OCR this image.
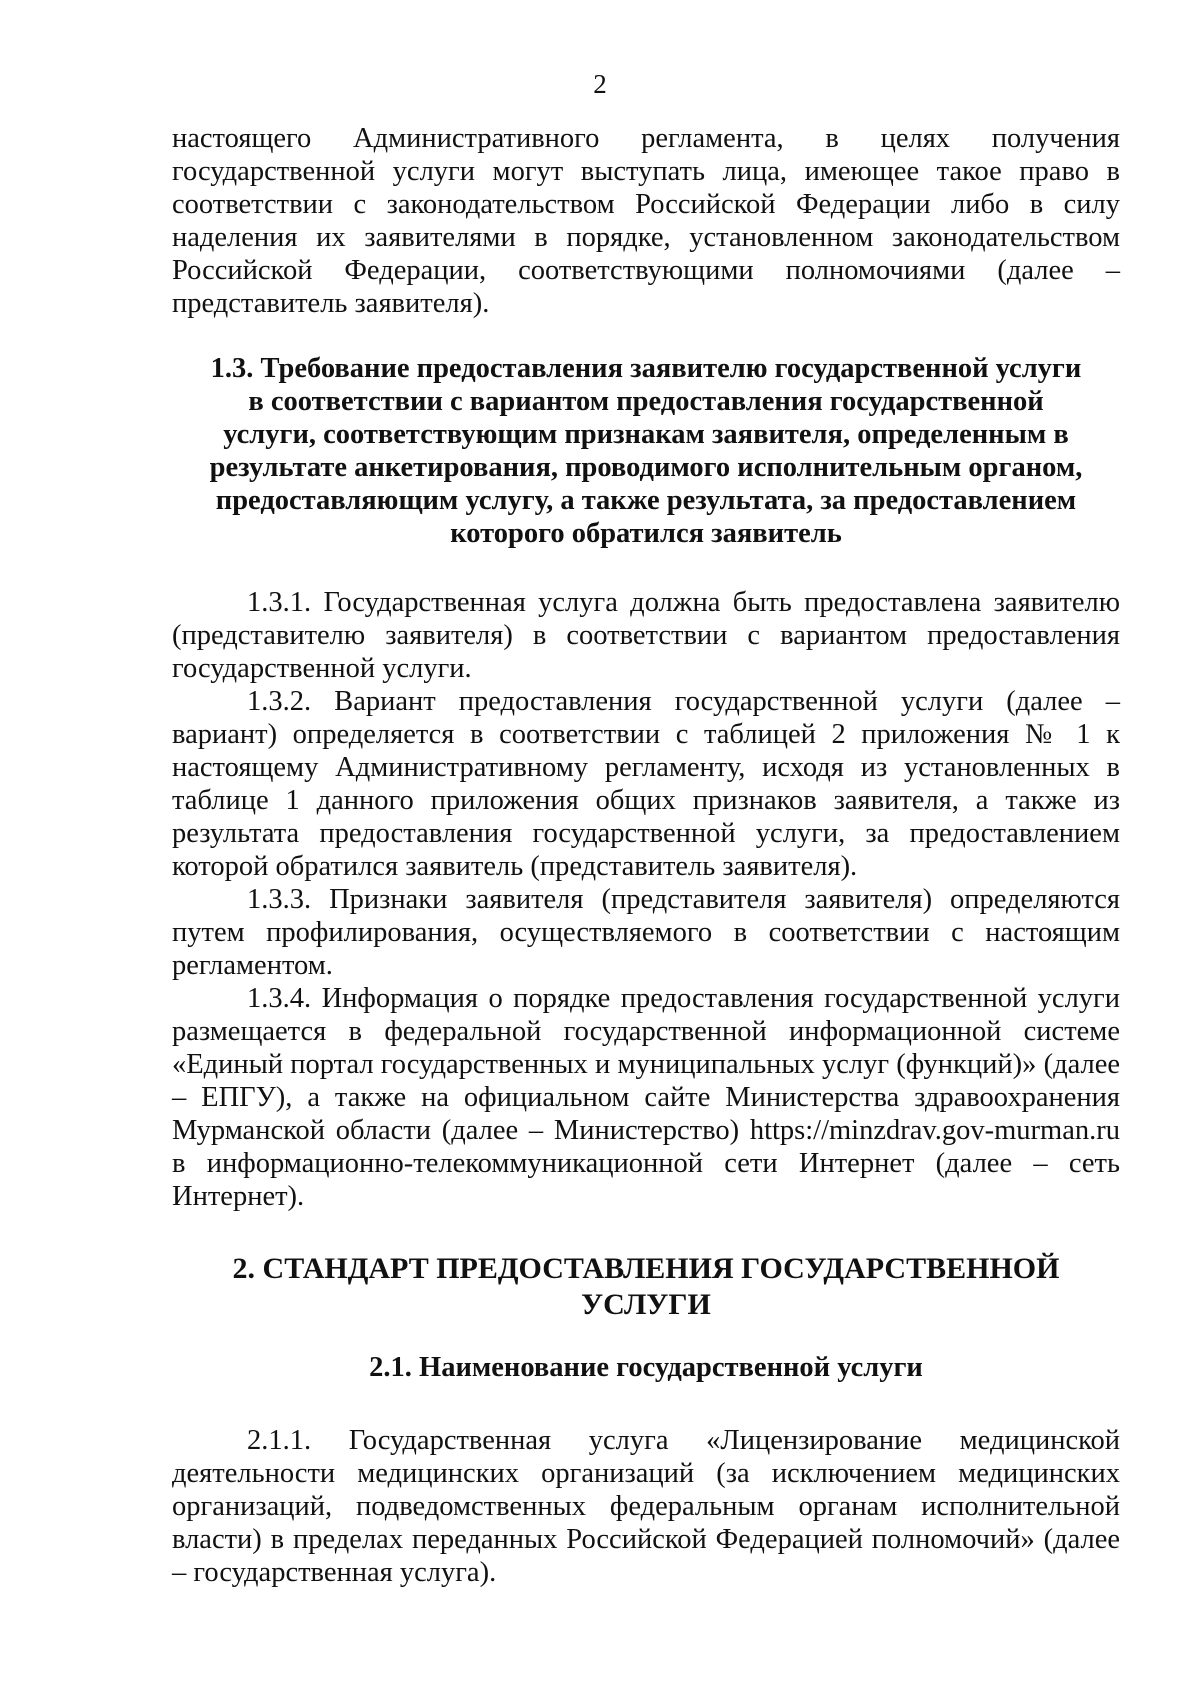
2

настоящего Административного регламента, в целях получения государственной услуги могут выступать лица, имеющее такое право в соответствии с законодательством Российской Федерации либо в силу наделения их заявителями в порядке, установленном законодательством Российской Федерации, соответствующими полномочиями (далее – представитель заявителя).

1.3. Требование предоставления заявителю государственной услуги в соответствии с вариантом предоставления государственной услуги, соответствующим признакам заявителя, определенным в результате анкетирования, проводимого исполнительным органом, предоставляющим услугу, а также результата, за предоставлением которого обратился заявитель

1.3.1. Государственная услуга должна быть предоставлена заявителю (представителю заявителя) в соответствии с вариантом предоставления государственной услуги.

1.3.2. Вариант предоставления государственной услуги (далее – вариант) определяется в соответствии с таблицей 2 приложения № 1 к настоящему Административному регламенту, исходя из установленных в таблице 1 данного приложения общих признаков заявителя, а также из результата предоставления государственной услуги, за предоставлением которой обратился заявитель (представитель заявителя).

1.3.3. Признаки заявителя (представителя заявителя) определяются путем профилирования, осуществляемого в соответствии с настоящим регламентом.

1.3.4. Информация о порядке предоставления государственной услуги размещается в федеральной государственной информационной системе «Единый портал государственных и муниципальных услуг (функций)» (далее – ЕПГУ), а также на официальном сайте Министерства здравоохранения Мурманской области (далее – Министерство) https://minzdrav.gov-murman.ru в информационно-телекоммуникационной сети Интернет (далее – сеть Интернет).

2. СТАНДАРТ ПРЕДОСТАВЛЕНИЯ ГОСУДАРСТВЕННОЙ УСЛУГИ
2.1. Наименование государственной услуги

2.1.1. Государственная услуга «Лицензирование медицинской деятельности медицинских организаций (за исключением медицинских организаций, подведомственных федеральным органам исполнительной власти) в пределах переданных Российской Федерацией полномочий» (далее – государственная услуга).
